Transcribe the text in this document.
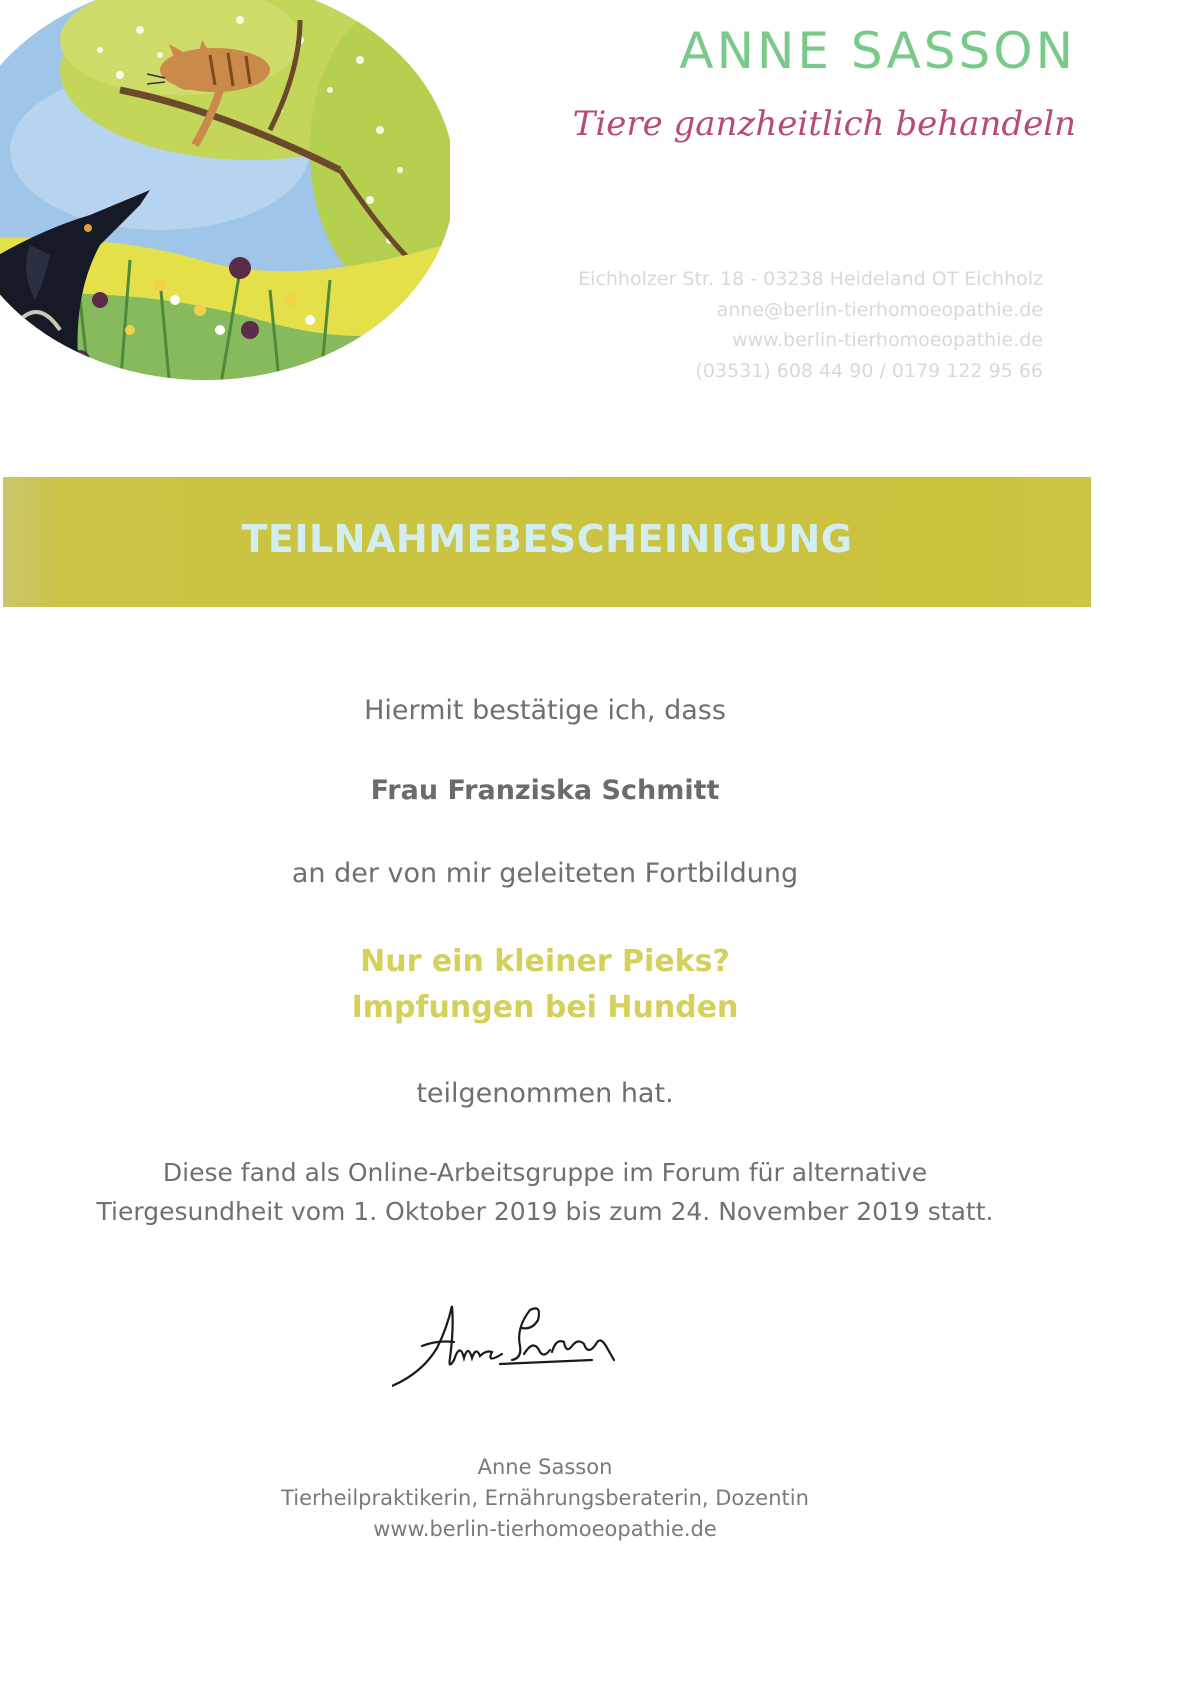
ANNE SASSON
Tiere ganzheitlich behandeln
Eichholzer Str. 18 - 03238 Heideland OT Eichholz
anne@berlin-tierhomoeopathie.de
www.berlin-tierhomoeopathie.de
(03531) 608 44 90 / 0179 122 95 66
TEILNAHMEBESCHEINIGUNG
Hiermit bestätige ich, dass
Frau Franziska Schmitt
an der von mir geleiteten Fortbildung
Nur ein kleiner Pieks?
Impfungen bei Hunden
teilgenommen hat.
Diese fand als Online-Arbeitsgruppe im Forum für alternative
Tiergesundheit vom 1. Oktober 2019 bis zum 24. November 2019 statt.
Anne Sasson
Tierheilpraktikerin, Ernährungsberaterin, Dozentin
www.berlin-tierhomoeopathie.de
